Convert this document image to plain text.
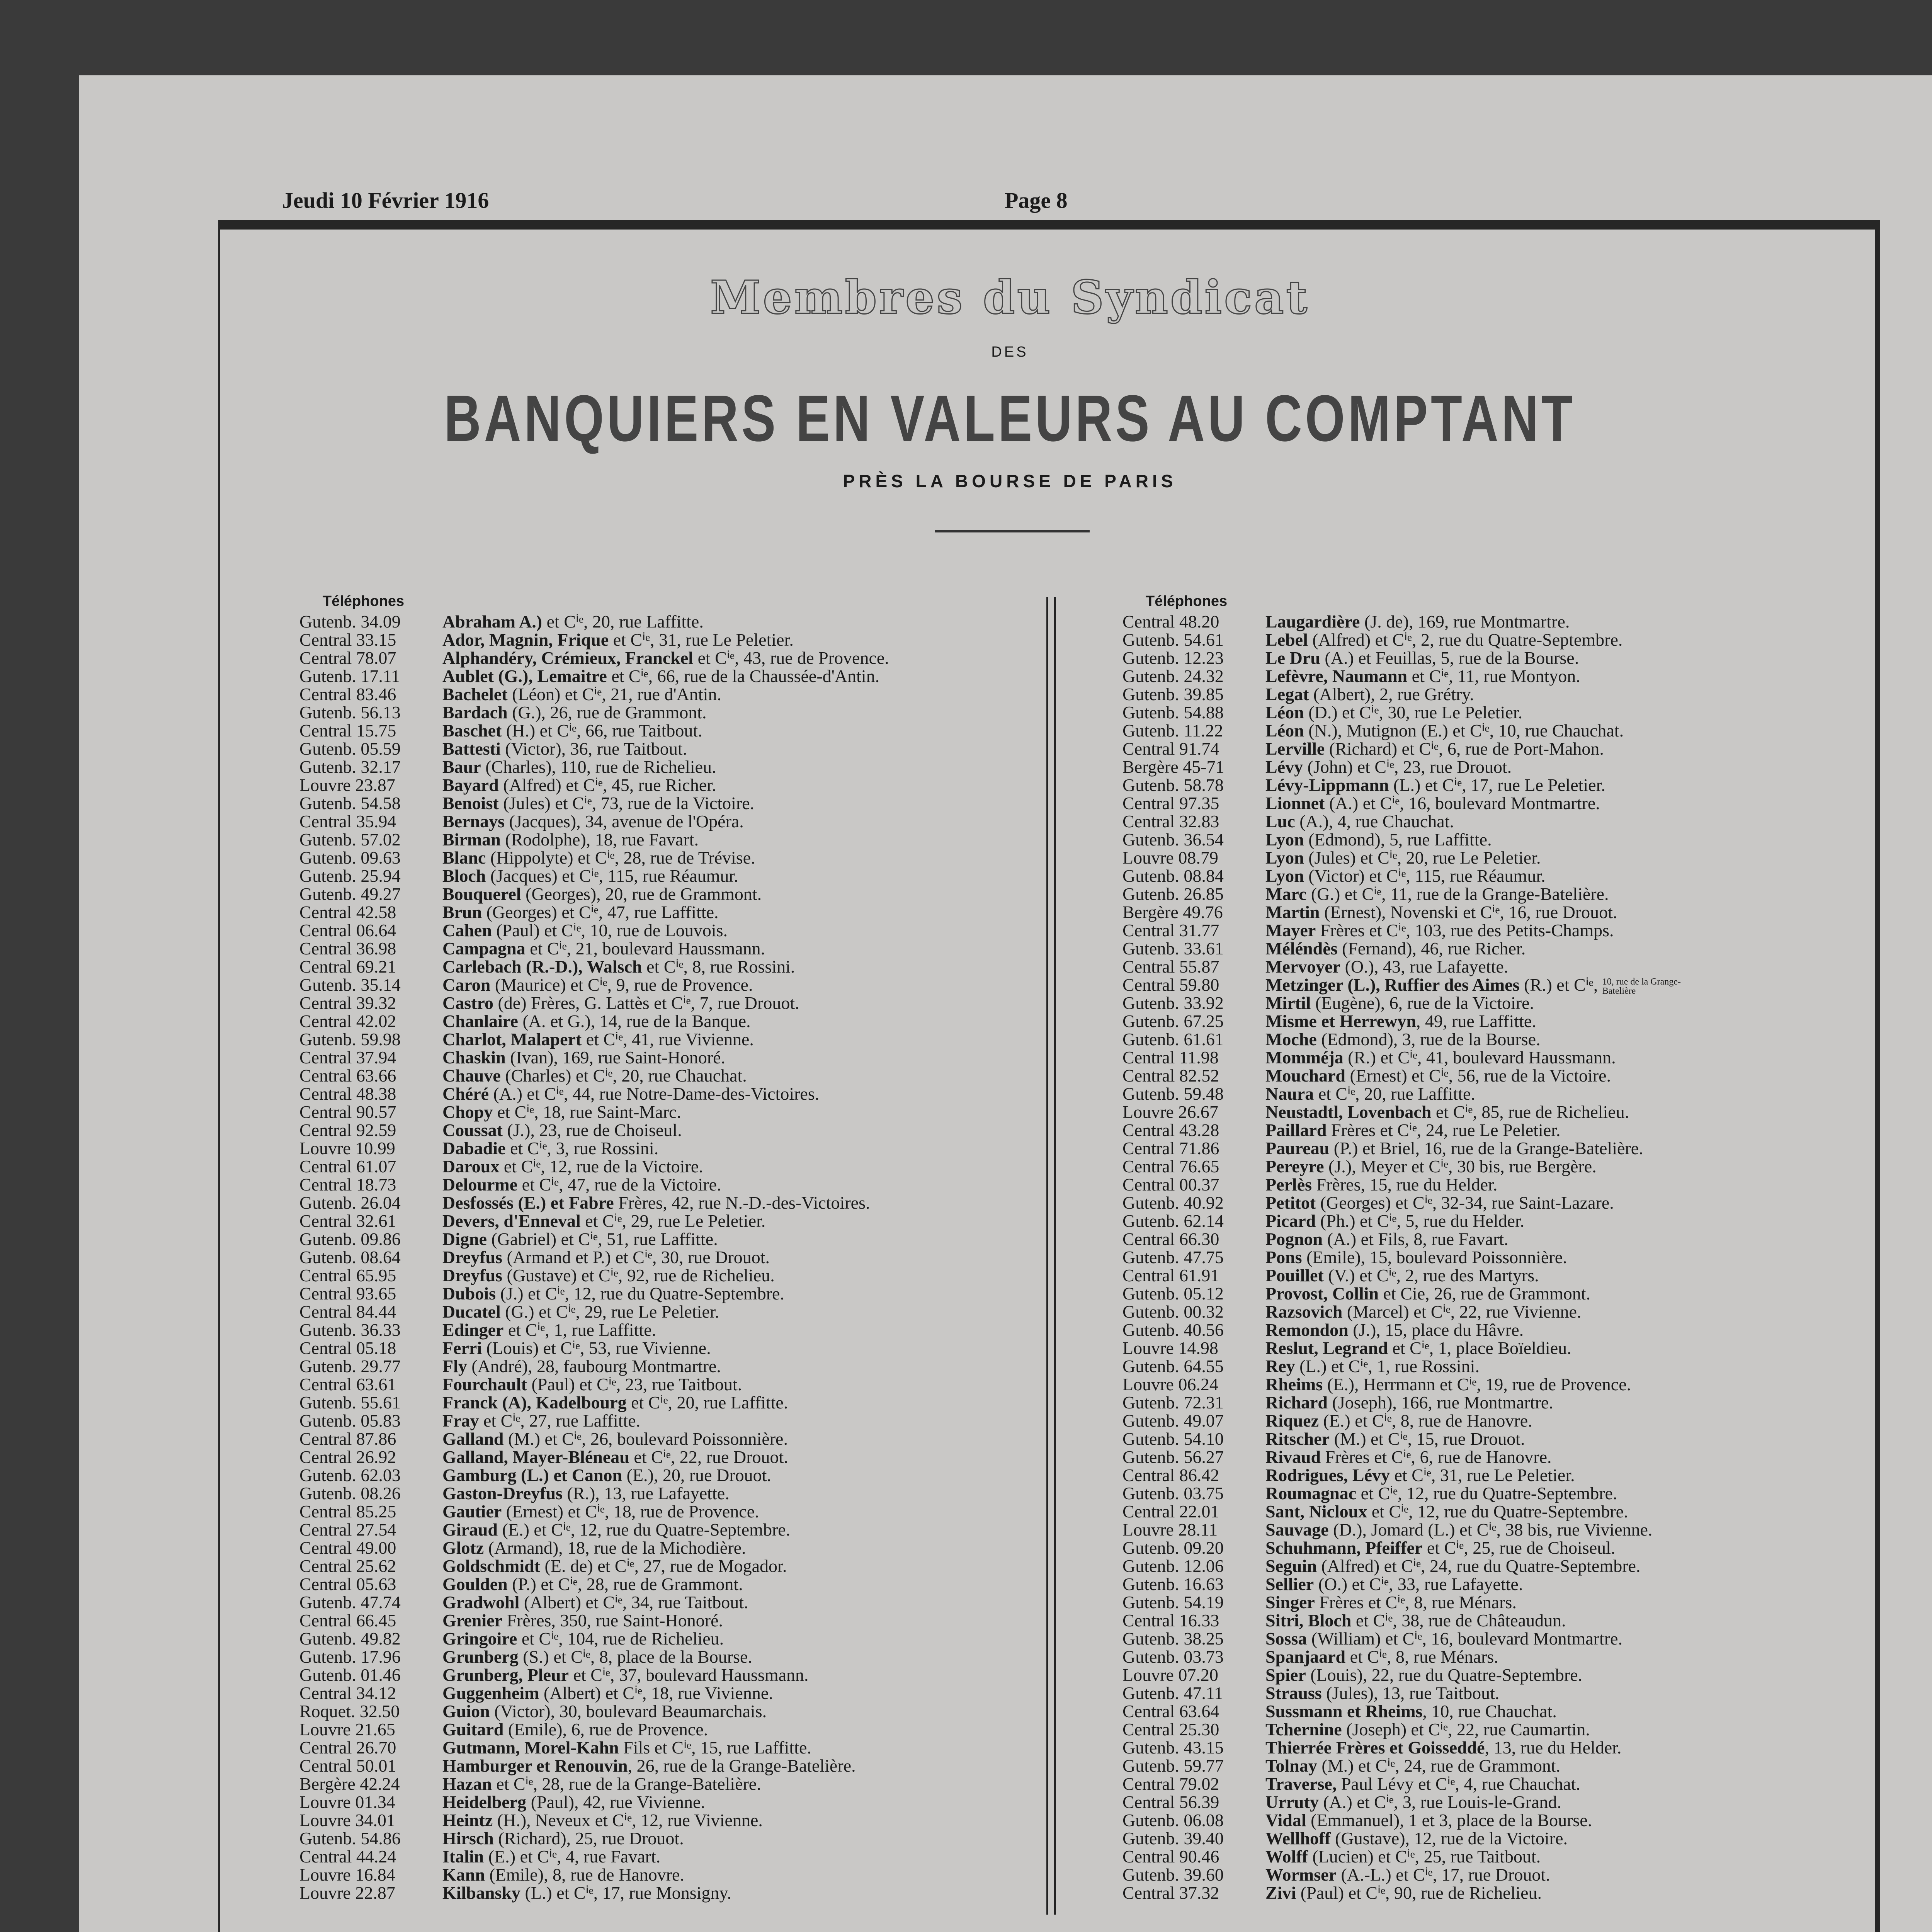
Jeudi 10 Février 1916	Page 8
Membres du Syndicat
DES
BANQUIERS EN VALEURS AU COMPTANT
PRÈS LA BOURSE DE PARIS
Téléphones
Gutenb. 34.09	Abraham A.) et Cⁱᵉ, 20, rue Laffitte.
Central 33.15	Ador, Magnin, Frique et Cⁱᵉ, 31, rue Le Peletier.
Central 78.07	Alphandéry, Crémieux, Franckel et Cⁱᵉ, 43, rue de Provence.
Gutenb. 17.11	Aublet (G.), Lemaitre et Cⁱᵉ, 66, rue de la Chaussée-d'Antin.
Central 83.46	Bachelet (Léon) et Cⁱᵉ, 21, rue d'Antin.
Gutenb. 56.13	Bardach (G.), 26, rue de Grammont.
Central 15.75	Baschet (H.) et Cⁱᵉ, 66, rue Taitbout.
Gutenb. 05.59	Battesti (Victor), 36, rue Taitbout.
Gutenb. 32.17	Baur (Charles), 110, rue de Richelieu.
Louvre 23.87	Bayard (Alfred) et Cⁱᵉ, 45, rue Richer.
Gutenb. 54.58	Benoist (Jules) et Cⁱᵉ, 73, rue de la Victoire.
Central 35.94	Bernays (Jacques), 34, avenue de l'Opéra.
Gutenb. 57.02	Birman (Rodolphe), 18, rue Favart.
Gutenb. 09.63	Blanc (Hippolyte) et Cⁱᵉ, 28, rue de Trévise.
Gutenb. 25.94	Bloch (Jacques) et Cⁱᵉ, 115, rue Réaumur.
Gutenb. 49.27	Bouquerel (Georges), 20, rue de Grammont.
Central 42.58	Brun (Georges) et Cⁱᵉ, 47, rue Laffitte.
Central 06.64	Cahen (Paul) et Cⁱᵉ, 10, rue de Louvois.
Central 36.98	Campagna et Cⁱᵉ, 21, boulevard Haussmann.
Central 69.21	Carlebach (R.-D.), Walsch et Cⁱᵉ, 8, rue Rossini.
Gutenb. 35.14	Caron (Maurice) et Cⁱᵉ, 9, rue de Provence.
Central 39.32	Castro (de) Frères, G. Lattès et Cⁱᵉ, 7, rue Drouot.
Central 42.02	Chanlaire (A. et G.), 14, rue de la Banque.
Gutenb. 59.98	Charlot, Malapert et Cⁱᵉ, 41, rue Vivienne.
Central 37.94	Chaskin (Ivan), 169, rue Saint-Honoré.
Central 63.66	Chauve (Charles) et Cⁱᵉ, 20, rue Chauchat.
Central 48.38	Chéré (A.) et Cⁱᵉ, 44, rue Notre-Dame-des-Victoires.
Central 90.57	Chopy et Cⁱᵉ, 18, rue Saint-Marc.
Central 92.59	Coussat (J.), 23, rue de Choiseul.
Louvre 10.99	Dabadie et Cⁱᵉ, 3, rue Rossini.
Central 61.07	Daroux et Cⁱᵉ, 12, rue de la Victoire.
Central 18.73	Delourme et Cⁱᵉ, 47, rue de la Victoire.
Gutenb. 26.04	Desfossés (E.) et Fabre Frères, 42, rue N.-D.-des-Victoires.
Central 32.61	Devers, d'Enneval et Cⁱᵉ, 29, rue Le Peletier.
Gutenb. 09.86	Digne (Gabriel) et Cⁱᵉ, 51, rue Laffitte.
Gutenb. 08.64	Dreyfus (Armand et P.) et Cⁱᵉ, 30, rue Drouot.
Central 65.95	Dreyfus (Gustave) et Cⁱᵉ, 92, rue de Richelieu.
Central 93.65	Dubois (J.) et Cⁱᵉ, 12, rue du Quatre-Septembre.
Central 84.44	Ducatel (G.) et Cⁱᵉ, 29, rue Le Peletier.
Gutenb. 36.33	Edinger et Cⁱᵉ, 1, rue Laffitte.
Central 05.18	Ferri (Louis) et Cⁱᵉ, 53, rue Vivienne.
Gutenb. 29.77	Fly (André), 28, faubourg Montmartre.
Central 63.61	Fourchault (Paul) et Cⁱᵉ, 23, rue Taitbout.
Gutenb. 55.61	Franck (A), Kadelbourg et Cⁱᵉ, 20, rue Laffitte.
Gutenb. 05.83	Fray et Cⁱᵉ, 27, rue Laffitte.
Central 87.86	Galland (M.) et Cⁱᵉ, 26, boulevard Poissonnière.
Central 26.92	Galland, Mayer-Bléneau et Cⁱᵉ, 22, rue Drouot.
Gutenb. 62.03	Gamburg (L.) et Canon (E.), 20, rue Drouot.
Gutenb. 08.26	Gaston-Dreyfus (R.), 13, rue Lafayette.
Central 85.25	Gautier (Ernest) et Cⁱᵉ, 18, rue de Provence.
Central 27.54	Giraud (E.) et Cⁱᵉ, 12, rue du Quatre-Septembre.
Central 49.00	Glotz (Armand), 18, rue de la Michodière.
Central 25.62	Goldschmidt (E. de) et Cⁱᵉ, 27, rue de Mogador.
Central 05.63	Goulden (P.) et Cⁱᵉ, 28, rue de Grammont.
Gutenb. 47.74	Gradwohl (Albert) et Cⁱᵉ, 34, rue Taitbout.
Central 66.45	Grenier Frères, 350, rue Saint-Honoré.
Gutenb. 49.82	Gringoire et Cⁱᵉ, 104, rue de Richelieu.
Gutenb. 17.96	Grunberg (S.) et Cⁱᵉ, 8, place de la Bourse.
Gutenb. 01.46	Grunberg, Pleur et Cⁱᵉ, 37, boulevard Haussmann.
Central 34.12	Guggenheim (Albert) et Cⁱᵉ, 18, rue Vivienne.
Roquet. 32.50	Guion (Victor), 30, boulevard Beaumarchais.
Louvre 21.65	Guitard (Emile), 6, rue de Provence.
Central 26.70	Gutmann, Morel-Kahn Fils et Cⁱᵉ, 15, rue Laffitte.
Central 50.01	Hamburger et Renouvin, 26, rue de la Grange-Batelière.
Bergère 42.24	Hazan et Cⁱᵉ, 28, rue de la Grange-Batelière.
Louvre 01.34	Heidelberg (Paul), 42, rue Vivienne.
Louvre 34.01	Heintz (H.), Neveux et Cⁱᵉ, 12, rue Vivienne.
Gutenb. 54.86	Hirsch (Richard), 25, rue Drouot.
Central 44.24	Italin (E.) et Cⁱᵉ, 4, rue Favart.
Louvre 16.84	Kann (Emile), 8, rue de Hanovre.
Louvre 22.87	Kilbansky (L.) et Cⁱᵉ, 17, rue Monsigny.
Téléphones
Central 48.20	Laugardière (J. de), 169, rue Montmartre.
Gutenb. 54.61	Lebel (Alfred) et Cⁱᵉ, 2, rue du Quatre-Septembre.
Gutenb. 12.23	Le Dru (A.) et Feuillas, 5, rue de la Bourse.
Gutenb. 24.32	Lefèvre, Naumann et Cⁱᵉ, 11, rue Montyon.
Gutenb. 39.85	Legat (Albert), 2, rue Grétry.
Gutenb. 54.88	Léon (D.) et Cⁱᵉ, 30, rue Le Peletier.
Gutenb. 11.22	Léon (N.), Mutignon (E.) et Cⁱᵉ, 10, rue Chauchat.
Central 91.74	Lerville (Richard) et Cⁱᵉ, 6, rue de Port-Mahon.
Bergère 45-71	Lévy (John) et Cⁱᵉ, 23, rue Drouot.
Gutenb. 58.78	Lévy-Lippmann (L.) et Cⁱᵉ, 17, rue Le Peletier.
Central 97.35	Lionnet (A.) et Cⁱᵉ, 16, boulevard Montmartre.
Central 32.83	Luc (A.), 4, rue Chauchat.
Gutenb. 36.54	Lyon (Edmond), 5, rue Laffitte.
Louvre 08.79	Lyon (Jules) et Cⁱᵉ, 20, rue Le Peletier.
Gutenb. 08.84	Lyon (Victor) et Cⁱᵉ, 115, rue Réaumur.
Gutenb. 26.85	Marc (G.) et Cⁱᵉ, 11, rue de la Grange-Batelière.
Bergère 49.76	Martin (Ernest), Novenski et Cⁱᵉ, 16, rue Drouot.
Central 31.77	Mayer Frères et Cⁱᵉ, 103, rue des Petits-Champs.
Gutenb. 33.61	Méléndès (Fernand), 46, rue Richer.
Central 55.87	Mervoyer (O.), 43, rue Lafayette.
Central 59.80	Metzinger (L.), Ruffier des Aimes (R.) et Cⁱᵉ, 10, rue de la Grange-Batelière
Gutenb. 33.92	Mirtil (Eugène), 6, rue de la Victoire.
Gutenb. 67.25	Misme et Herrewyn, 49, rue Laffitte.
Gutenb. 61.61	Moche (Edmond), 3, rue de la Bourse.
Central 11.98	Momméja (R.) et Cⁱᵉ, 41, boulevard Haussmann.
Central 82.52	Mouchard (Ernest) et Cⁱᵉ, 56, rue de la Victoire.
Gutenb. 59.48	Naura et Cⁱᵉ, 20, rue Laffitte.
Louvre 26.67	Neustadtl, Lovenbach et Cⁱᵉ, 85, rue de Richelieu.
Central 43.28	Paillard Frères et Cⁱᵉ, 24, rue Le Peletier.
Central 71.86	Paureau (P.) et Briel, 16, rue de la Grange-Batelière.
Central 76.65	Pereyre (J.), Meyer et Cⁱᵉ, 30 bis, rue Bergère.
Central 00.37	Perlès Frères, 15, rue du Helder.
Gutenb. 40.92	Petitot (Georges) et Cⁱᵉ, 32-34, rue Saint-Lazare.
Gutenb. 62.14	Picard (Ph.) et Cⁱᵉ, 5, rue du Helder.
Central 66.30	Pognon (A.) et Fils, 8, rue Favart.
Gutenb. 47.75	Pons (Emile), 15, boulevard Poissonnière.
Central 61.91	Pouillet (V.) et Cⁱᵉ, 2, rue des Martyrs.
Gutenb. 05.12	Provost, Collin et Cie, 26, rue de Grammont.
Gutenb. 00.32	Razsovich (Marcel) et Cⁱᵉ, 22, rue Vivienne.
Gutenb. 40.56	Remondon (J.), 15, place du Hâvre.
Louvre 14.98	Reslut, Legrand et Cⁱᵉ, 1, place Boïeldieu.
Gutenb. 64.55	Rey (L.) et Cⁱᵉ, 1, rue Rossini.
Louvre 06.24	Rheims (E.), Herrmann et Cⁱᵉ, 19, rue de Provence.
Gutenb. 72.31	Richard (Joseph), 166, rue Montmartre.
Gutenb. 49.07	Riquez (E.) et Cⁱᵉ, 8, rue de Hanovre.
Gutenb. 54.10	Ritscher (M.) et Cⁱᵉ, 15, rue Drouot.
Gutenb. 56.27	Rivaud Frères et Cⁱᵉ, 6, rue de Hanovre.
Central 86.42	Rodrigues, Lévy et Cⁱᵉ, 31, rue Le Peletier.
Gutenb. 03.75	Roumagnac et Cⁱᵉ, 12, rue du Quatre-Septembre.
Central 22.01	Sant, Nicloux et Cⁱᵉ, 12, rue du Quatre-Septembre.
Louvre 28.11	Sauvage (D.), Jomard (L.) et Cⁱᵉ, 38 bis, rue Vivienne.
Gutenb. 09.20	Schuhmann, Pfeiffer et Cⁱᵉ, 25, rue de Choiseul.
Gutenb. 12.06	Seguin (Alfred) et Cⁱᵉ, 24, rue du Quatre-Septembre.
Gutenb. 16.63	Sellier (O.) et Cⁱᵉ, 33, rue Lafayette.
Gutenb. 54.19	Singer Frères et Cⁱᵉ, 8, rue Ménars.
Central 16.33	Sitri, Bloch et Cⁱᵉ, 38, rue de Châteaudun.
Gutenb. 38.25	Sossa (William) et Cⁱᵉ, 16, boulevard Montmartre.
Gutenb. 03.73	Spanjaard et Cⁱᵉ, 8, rue Ménars.
Louvre 07.20	Spier (Louis), 22, rue du Quatre-Septembre.
Gutenb. 47.11	Strauss (Jules), 13, rue Taitbout.
Central 63.64	Sussmann et Rheims, 10, rue Chauchat.
Central 25.30	Tchernine (Joseph) et Cⁱᵉ, 22, rue Caumartin.
Gutenb. 43.15	Thierrée Frères et Goisseddé, 13, rue du Helder.
Gutenb. 59.77	Tolnay (M.) et Cⁱᵉ, 24, rue de Grammont.
Central 79.02	Traverse, Paul Lévy et Cⁱᵉ, 4, rue Chauchat.
Central 56.39	Urruty (A.) et Cⁱᵉ, 3, rue Louis-le-Grand.
Gutenb. 06.08	Vidal (Emmanuel), 1 et 3, place de la Bourse.
Gutenb. 39.40	Wellhoff (Gustave), 12, rue de la Victoire.
Central 90.46	Wolff (Lucien) et Cⁱᵉ, 25, rue Taitbout.
Gutenb. 39.60	Wormser (A.-L.) et Cⁱᵉ, 17, rue Drouot.
Central 37.32	Zivi (Paul) et Cⁱᵉ, 90, rue de Richelieu.
